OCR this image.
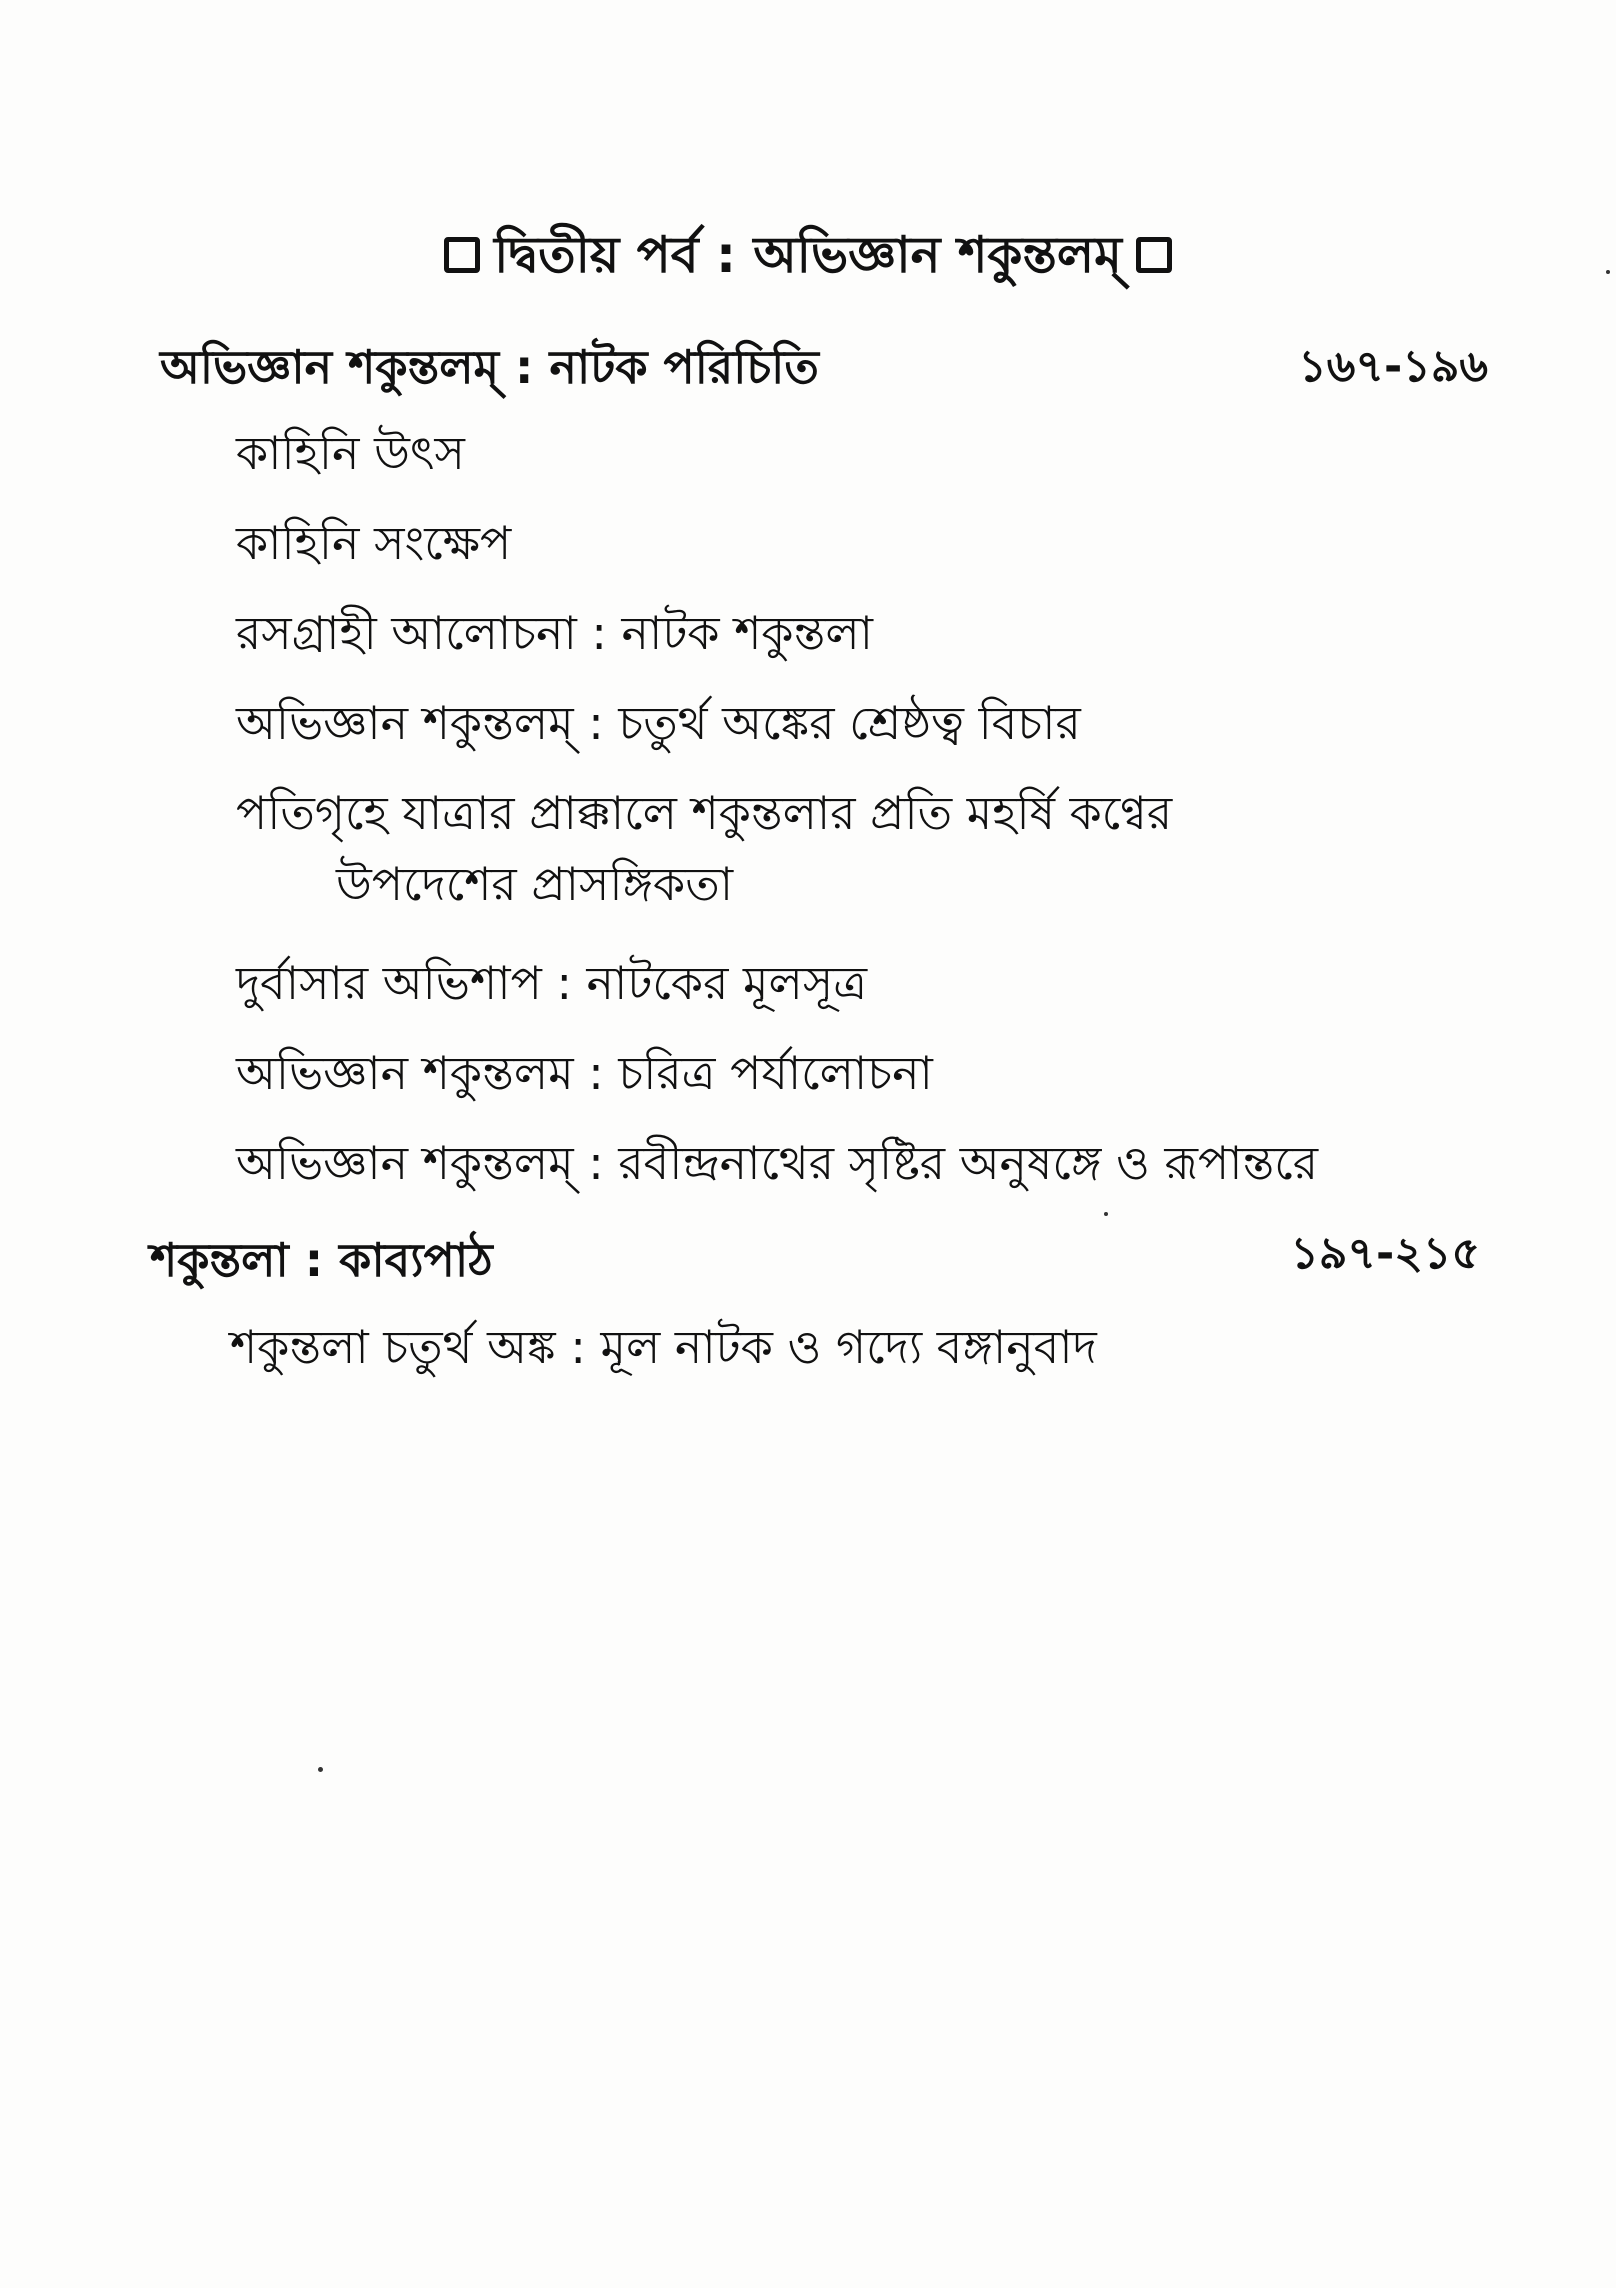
দ্বিতীয় পর্ব : অভিজ্ঞান শকুন্তলম্
অভিজ্ঞান শকুন্তলম্ : নাটক পরিচিতি	১৬৭-১৯৬
কাহিনি উৎস
কাহিনি সংক্ষেপ
রসগ্রাহী আলোচনা : নাটক শকুন্তলা
অভিজ্ঞান শকুন্তলম্ : চতুর্থ অঙ্কের শ্রেষ্ঠত্ব বিচার
পতিগৃহে যাত্রার প্রাক্কালে শকুন্তলার প্রতি মহর্ষি কণ্বের
উপদেশের প্রাসঙ্গিকতা
দুর্বাসার অভিশাপ : নাটকের মূলসূত্র
অভিজ্ঞান শকুন্তলম : চরিত্র পর্যালোচনা
অভিজ্ঞান শকুন্তলম্ : রবীন্দ্রনাথের সৃষ্টির অনুষঙ্গে ও রূপান্তরে
শকুন্তলা : কাব্যপাঠ	১৯৭-২১৫
শকুন্তলা চতুর্থ অঙ্ক : মূল নাটক ও গদ্যে বঙ্গানুবাদ
